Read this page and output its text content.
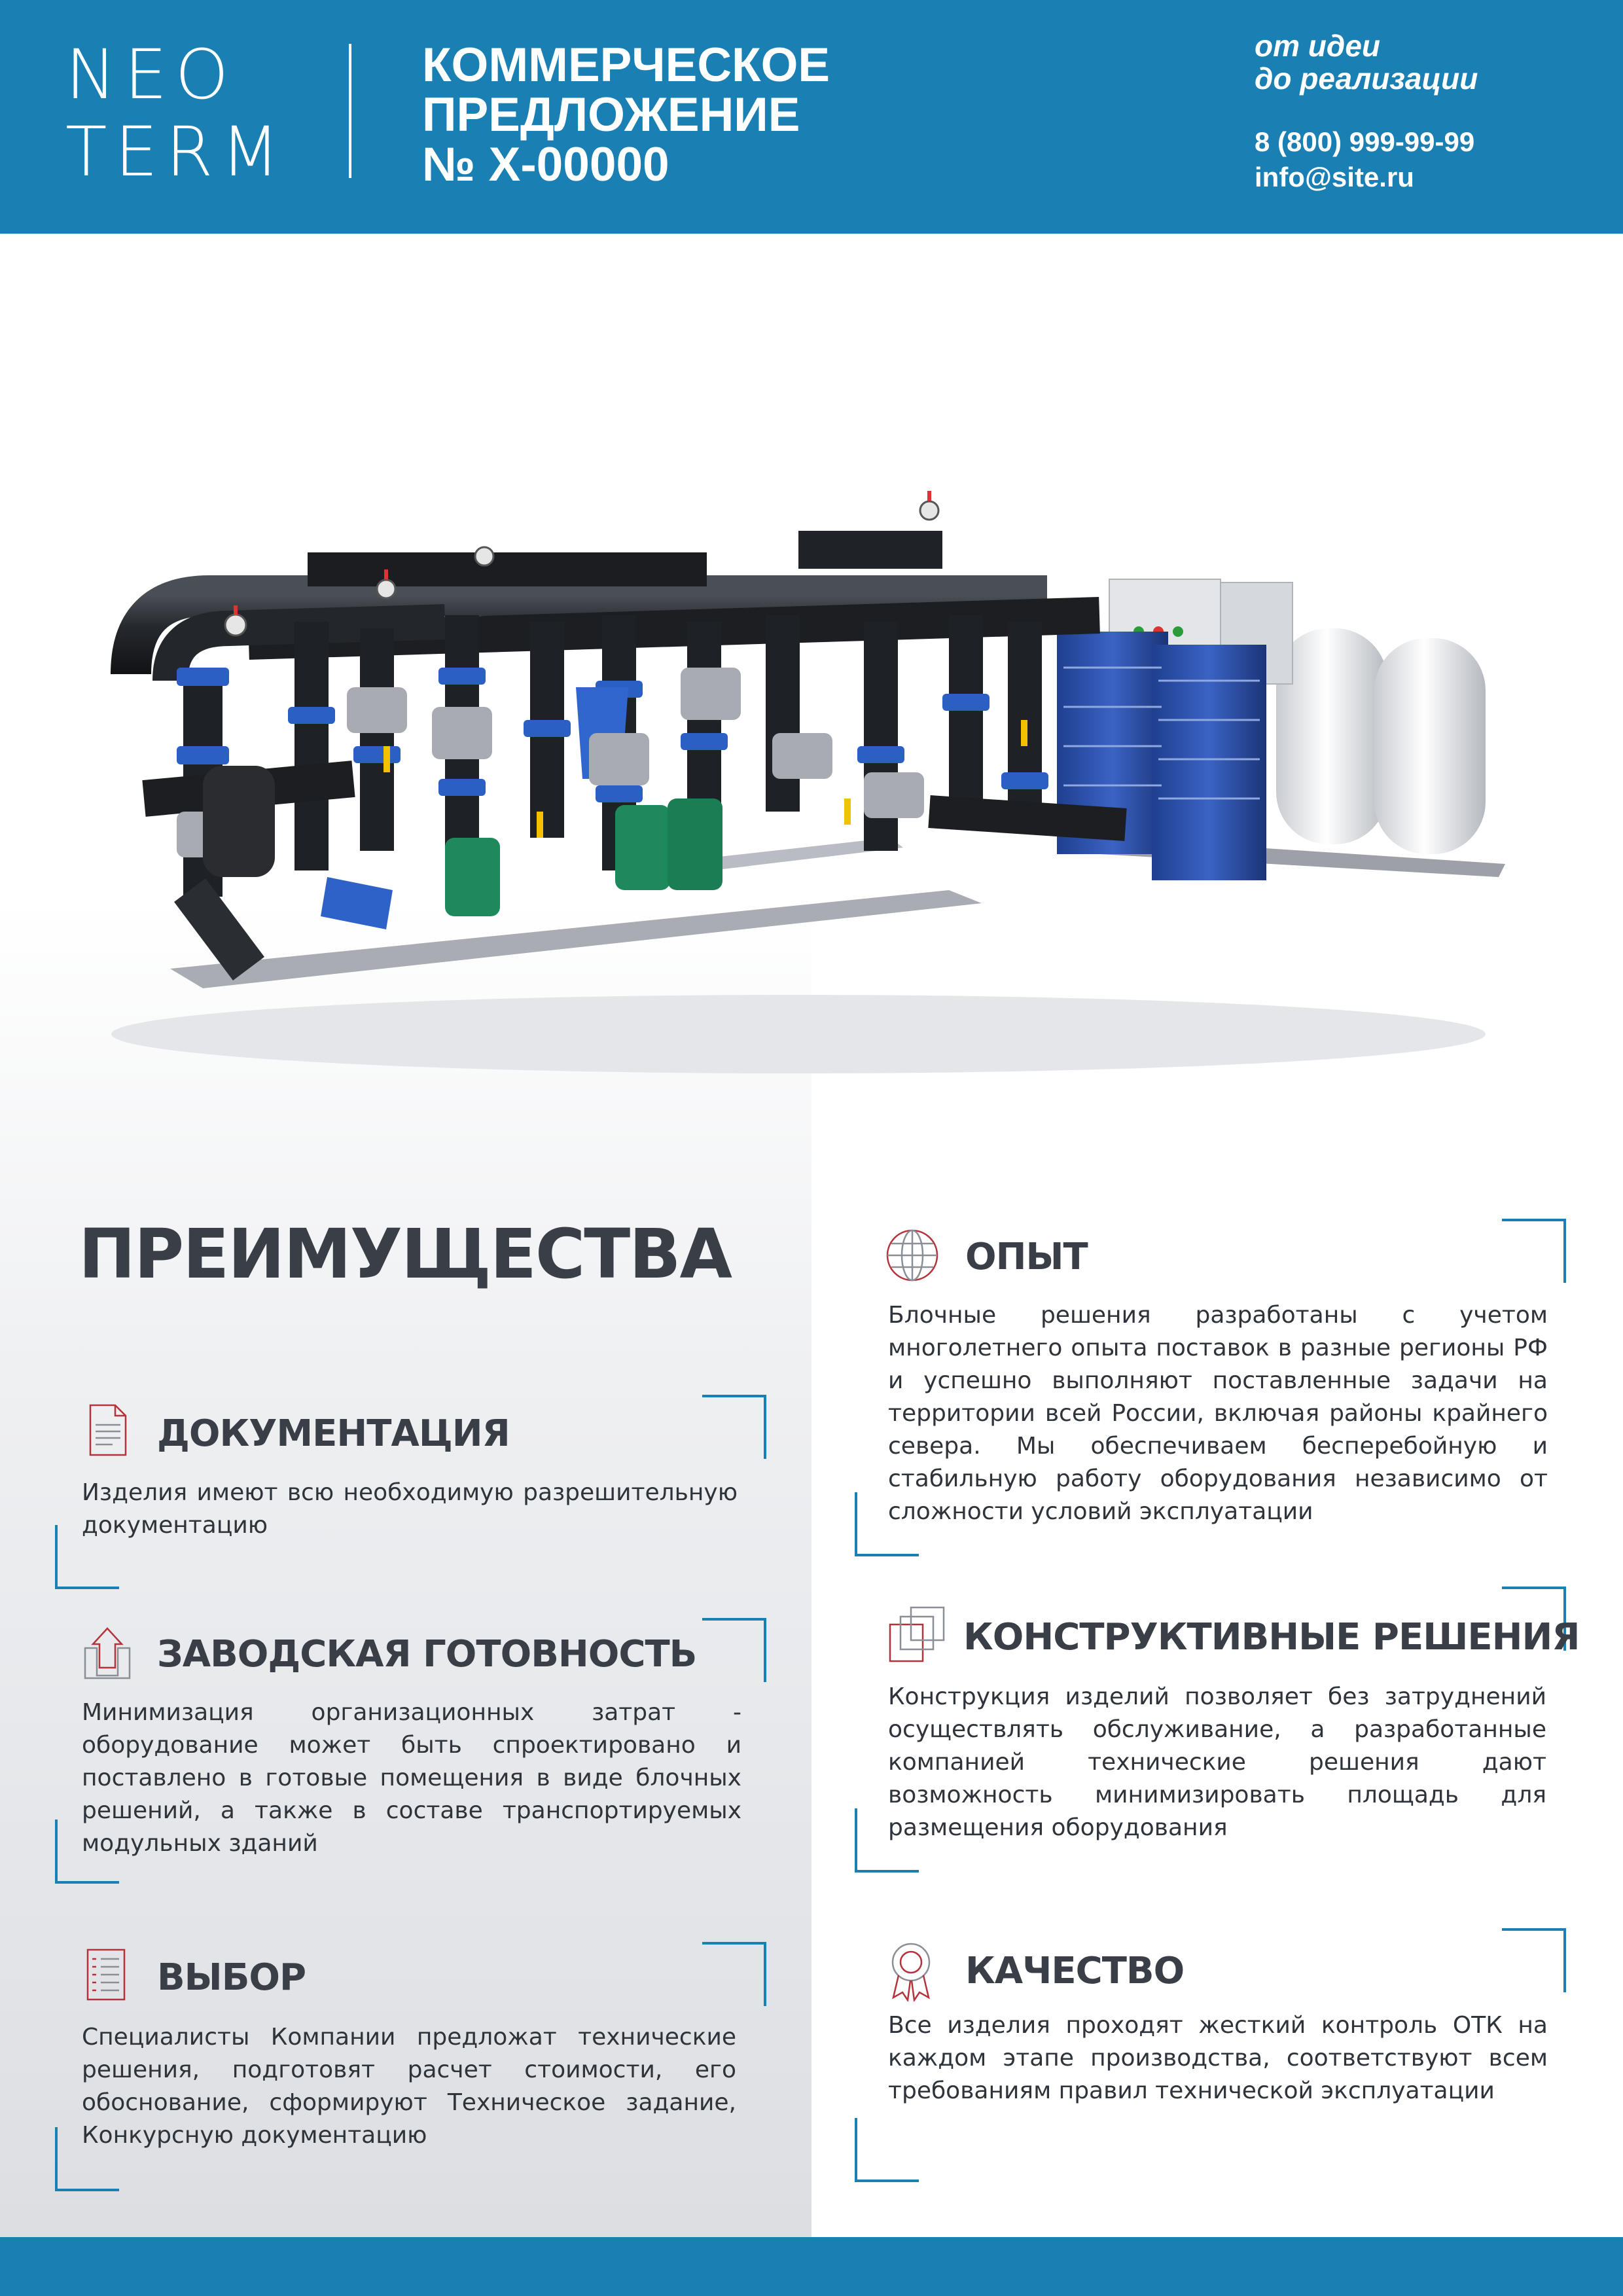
NEO
TERM
КОММЕРЧЕСКОЕ
ПРЕДЛОЖЕНИЕ
№ Х-00000
от идеи
до реализации
8 (800) 999-99-99
info@site.ru
ПРЕИМУЩЕСТВА
ДОКУМЕНТАЦИЯ
Изделия имеют всю необходимую разрешительную документацию
ЗАВОДСКАЯ ГОТОВНОСТЬ
Минимизация организационных затрат - оборудование может быть спроектировано и поставлено в готовые помещения в виде блочных решений, а также в составе транспортируемых модульных зданий
ВЫБОР
Специалисты Компании предложат технические решения, подготовят расчет стоимости, его обоснование, сформируют Техническое задание, Конкурсную документацию
ОПЫТ
Блочные решения разработаны с учетом многолетнего опыта поставок в разные регионы РФ и успешно выполняют поставленные задачи на территории всей России, включая районы крайнего севера. Мы обеспечиваем бесперебойную и стабильную работу оборудования независимо от сложности условий эксплуатации
КОНСТРУКТИВНЫЕ РЕШЕНИЯ
Конструкция изделий позволяет без затруднений осуществлять обслуживание, а разработанные компанией технические решения дают возможность минимизировать площадь для размещения оборудования
КАЧЕСТВО
Все изделия проходят жесткий контроль ОТК на каждом этапе производства, соответствуют всем требованиям правил технической эксплуатации
